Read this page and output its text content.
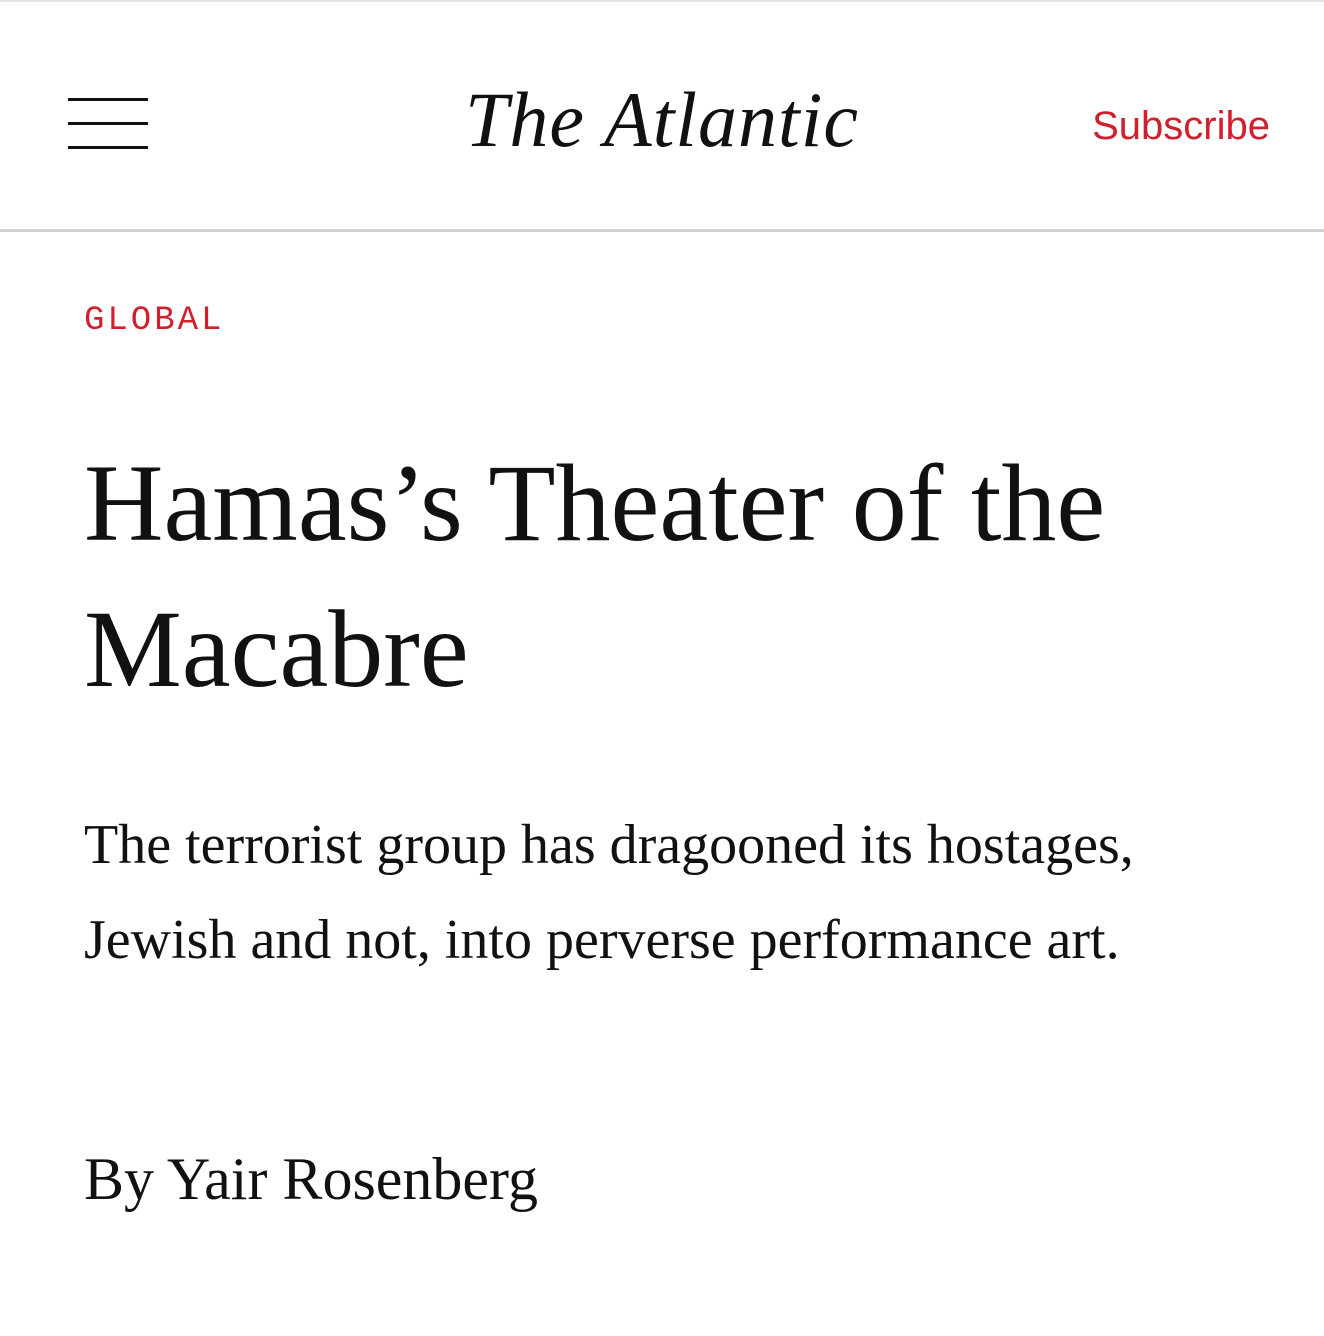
The Atlantic	Subscribe
GLOBAL
Hamas’s Theater of the Macabre

The terrorist group has dragooned its hostages, Jewish and not, into perverse performance art.

By Yair Rosenberg
